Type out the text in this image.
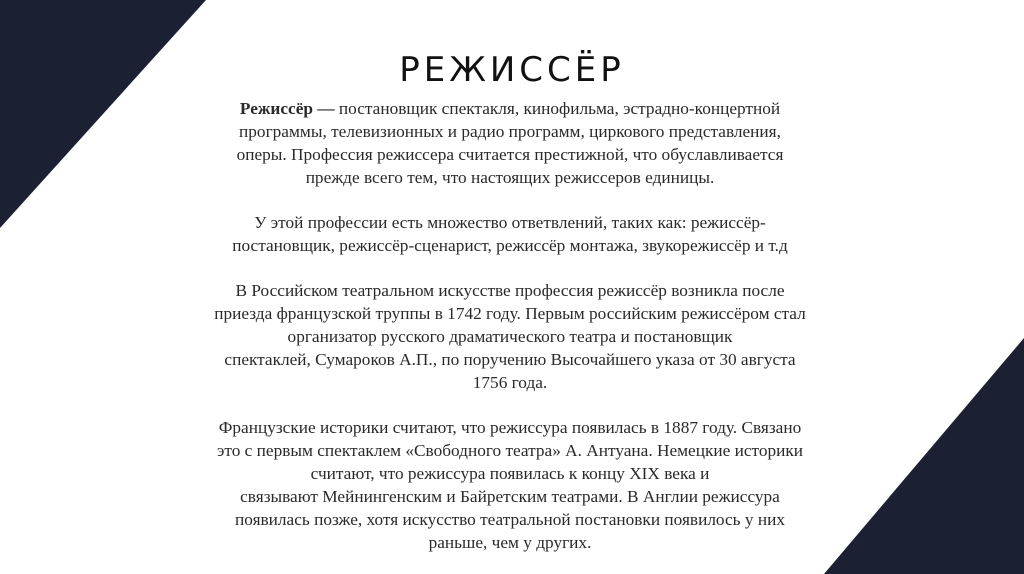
РЕЖИССЁР

Режиссёр — постановщик спектакля, кинофильма, эстрадно-концертной
программы, телевизионных и радио программ, циркового представления,
оперы. Профессия режиссера считается престижной, что обуславливается
прежде всего тем, что настоящих режиссеров единицы.

У этой профессии есть множество ответвлений, таких как: режиссёр-
постановщик, режиссёр-сценарист, режиссёр монтажа, звукорежиссёр и т.д

В Российском театральном искусстве профессия режиссёр возникла после
приезда французской труппы в 1742 году. Первым российским режиссёром стал
организатор русского драматического театра и постановщик
спектаклей, Сумароков А.П., по поручению Высочайшего указа от 30 августа
1756 года.

Французские историки считают, что режиссура появилась в 1887 году. Связано
это с первым спектаклем «Свободного театра» А. Антуана. Немецкие историки
считают, что режиссура появилась к концу XIX века и
связывают Мейнингенским и Байретским театрами. В Англии режиссура
появилась позже, хотя искусство театральной постановки появилось у них
раньше, чем у других.
